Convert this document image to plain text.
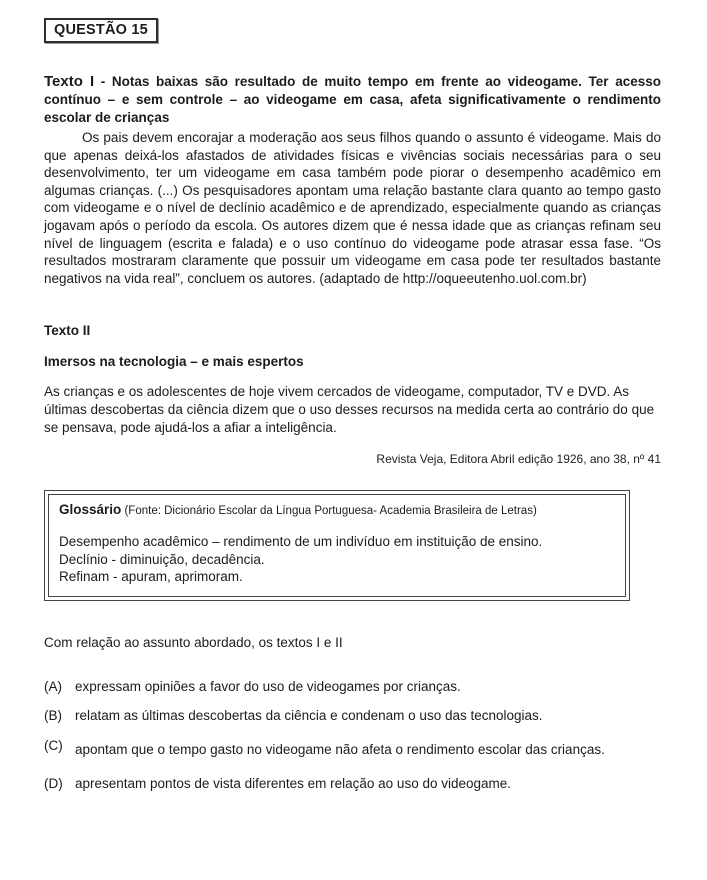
QUESTÃO 15
Texto I - Notas baixas são resultado de muito tempo em frente ao videogame. Ter acesso contínuo – e sem controle – ao videogame em casa, afeta significativamente o rendimento escolar de crianças
Os pais devem encorajar a moderação aos seus filhos quando o assunto é videogame. Mais do que apenas deixá-los afastados de atividades físicas e vivências sociais necessárias para o seu desenvolvimento, ter um videogame em casa também pode piorar o desempenho acadêmico em algumas crianças. (...) Os pesquisadores apontam uma relação bastante clara quanto ao tempo gasto com videogame e o nível de declínio acadêmico e de aprendizado, especialmente quando as crianças jogavam após o período da escola. Os autores dizem que é nessa idade que as crianças refinam seu nível de linguagem (escrita e falada) e o uso contínuo do videogame pode atrasar essa fase. “Os resultados mostraram claramente que possuir um videogame em casa pode ter resultados bastante negativos na vida real”, concluem os autores. (adaptado de http://oqueeutenho.uol.com.br)
Texto II
Imersos na tecnologia – e mais espertos
As crianças e os adolescentes de hoje vivem cercados de videogame, computador, TV e DVD. As últimas descobertas da ciência dizem que o uso desses recursos na medida certa ao contrário do que se pensava, pode ajudá-los a afiar a inteligência.
Revista Veja, Editora Abril edição 1926, ano 38, nº 41
Glossário (Fonte: Dicionário Escolar da Língua Portuguesa- Academia Brasileira de Letras)
Desempenho acadêmico – rendimento de um indivíduo em instituição de ensino.
Declínio - diminuição, decadência.
Refinam - apuram, aprimoram.
Com relação ao assunto abordado, os textos I e II
(A) expressam opiniões a favor do uso de videogames por crianças.
(B) relatam as últimas descobertas da ciência e condenam o uso das tecnologias.
(C) apontam que o tempo gasto no videogame não afeta o rendimento escolar das crianças.
(D) apresentam pontos de vista diferentes em relação ao uso do videogame.
